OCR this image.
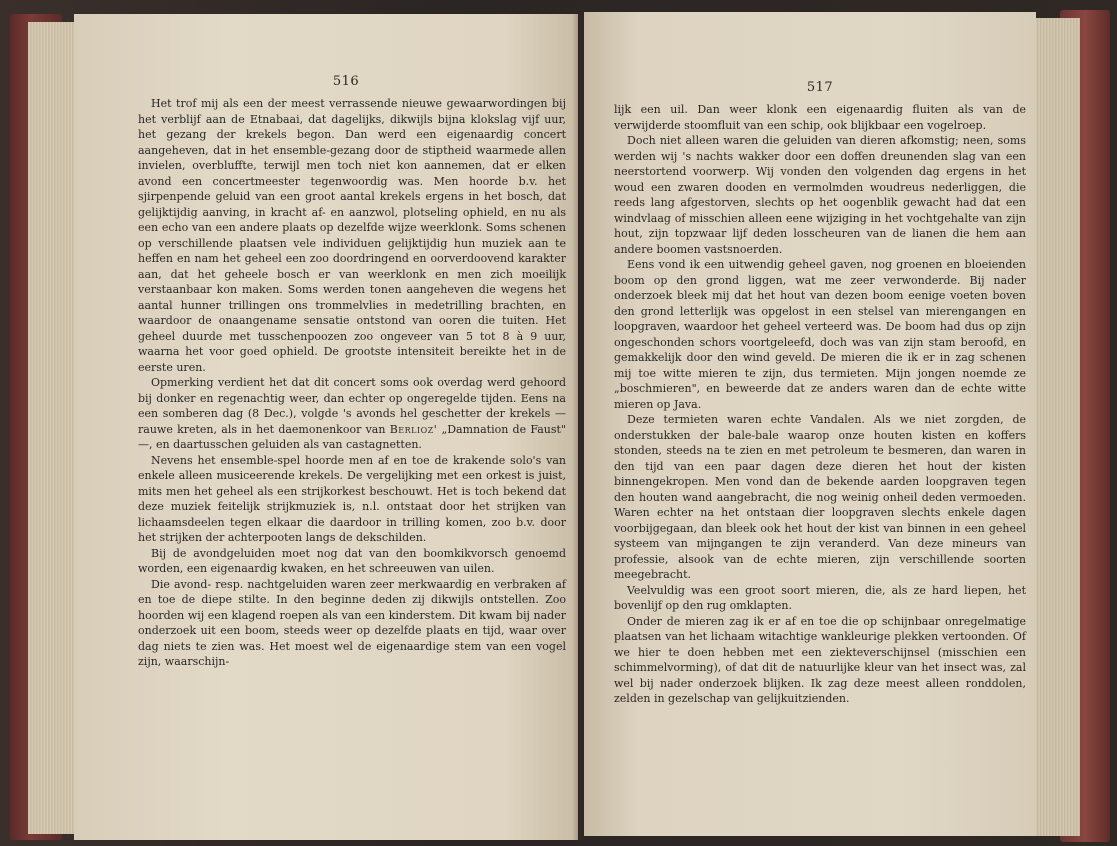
516

Het trof mij als een der meest verrassende nieuwe gewaarwordingen bij het verblijf aan de Etnabaai, dat dagelijks, dikwijls bijna klokslag vijf uur, het gezang der krekels begon. Dan werd een eigenaardig concert aangeheven, dat in het ensemble-gezang door de stiptheid waarmede allen invielen, overbluffte, terwijl men toch niet kon aannemen, dat er elken avond een concertmeester tegenwoordig was. Men hoorde b.v. het sjirpenpende geluid van een groot aantal krekels ergens in het bosch, dat gelijktijdig aanving, in kracht af- en aanzwol, plotseling ophield, en nu als een echo van een andere plaats op dezelfde wijze weerklonk. Soms schenen op verschillende plaatsen vele individuen gelijktijdig hun muziek aan te heffen en nam het geheel een zoo doordringend en oorverdoovend karakter aan, dat het geheele bosch er van weerklonk en men zich moeilijk verstaanbaar kon maken. Soms werden tonen aangeheven die wegens het aantal hunner trillingen ons trommelvlies in medetrilling brachten, en waardoor de onaangename sensatie ontstond van ooren die tuiten. Het geheel duurde met tusschenpoozen zoo ongeveer van 5 tot 8 à 9 uur, waarna het voor goed ophield. De grootste intensiteit bereikte het in de eerste uren.

Opmerking verdient het dat dit concert soms ook overdag werd gehoord bij donker en regenachtig weer, dan echter op ongeregelde tijden. Eens na een somberen dag (8 Dec.), volgde 's avonds hel geschetter der krekels — rauwe kreten, als in het daemonenkoor van Berlioz' „Damnation de Faust" —, en daartusschen geluiden als van castagnetten.

Nevens het ensemble-spel hoorde men af en toe de krakende solo's van enkele alleen musiceerende krekels. De vergelijking met een orkest is juist, mits men het geheel als een strijkorkest beschouwt. Het is toch bekend dat deze muziek feitelijk strijkmuziek is, n.l. ontstaat door het strijken van lichaamsdeelen tegen elkaar die daardoor in trilling komen, zoo b.v. door het strijken der achterpooten langs de dekschilden.

Bij de avondgeluiden moet nog dat van den boomkikvorsch genoemd worden, een eigenaardig kwaken, en het schreeuwen van uilen.

Die avond- resp. nachtgeluiden waren zeer merkwaardig en verbraken af en toe de diepe stilte. In den beginne deden zij dikwijls ontstellen. Zoo hoorden wij een klagend roepen als van een kinderstem. Dit kwam bij nader onderzoek uit een boom, steeds weer op dezelfde plaats en tijd, waar over dag niets te zien was. Het moest wel de eigenaardige stem van een vogel zijn, waarschijn-

517

lijk een uil. Dan weer klonk een eigenaardig fluiten als van de verwijderde stoomfluit van een schip, ook blijkbaar een vogelroep.

Doch niet alleen waren die geluiden van dieren afkomstig; neen, soms werden wij 's nachts wakker door een doffen dreunenden slag van een neerstortend voorwerp. Wij vonden den volgenden dag ergens in het woud een zwaren dooden en vermolmden woudreus nederliggen, die reeds lang afgestorven, slechts op het oogenblik gewacht had dat een windvlaag of misschien alleen eene wijziging in het vochtgehalte van zijn hout, zijn topzwaar lijf deden losscheuren van de lianen die hem aan andere boomen vastsnoerden.

Eens vond ik een uitwendig geheel gaven, nog groenen en bloeienden boom op den grond liggen, wat me zeer verwonderde. Bij nader onderzoek bleek mij dat het hout van dezen boom eenige voeten boven den grond letterlijk was opgelost in een stelsel van mierengangen en loopgraven, waardoor het geheel verteerd was. De boom had dus op zijn ongeschonden schors voortgeleefd, doch was van zijn stam beroofd, en gemakkelijk door den wind geveld. De mieren die ik er in zag schenen mij toe witte mieren te zijn, dus termieten. Mijn jongen noemde ze „boschmieren", en beweerde dat ze anders waren dan de echte witte mieren op Java.

Deze termieten waren echte Vandalen. Als we niet zorgden, de onderstukken der bale-bale waarop onze houten kisten en koffers stonden, steeds na te zien en met petroleum te besmeren, dan waren in den tijd van een paar dagen deze dieren het hout der kisten binnengekropen. Men vond dan de bekende aarden loopgraven tegen den houten wand aangebracht, die nog weinig onheil deden vermoeden. Waren echter na het ontstaan dier loopgraven slechts enkele dagen voorbijgegaan, dan bleek ook het hout der kist van binnen in een geheel systeem van mijngangen te zijn veranderd. Van deze mineurs van professie, alsook van de echte mieren, zijn verschillende soorten meegebracht.

Veelvuldig was een groot soort mieren, die, als ze hard liepen, het bovenlijf op den rug omklapten.

Onder de mieren zag ik er af en toe die op schijnbaar onregelmatige plaatsen van het lichaam witachtige wankleurige plekken vertoonden. Of we hier te doen hebben met een ziekteverschijnsel (misschien een schimmelvorming), of dat dit de natuurlijke kleur van het insect was, zal wel bij nader onderzoek blijken. Ik zag deze meest alleen ronddolen, zelden in gezelschap van gelijkuitzienden.
